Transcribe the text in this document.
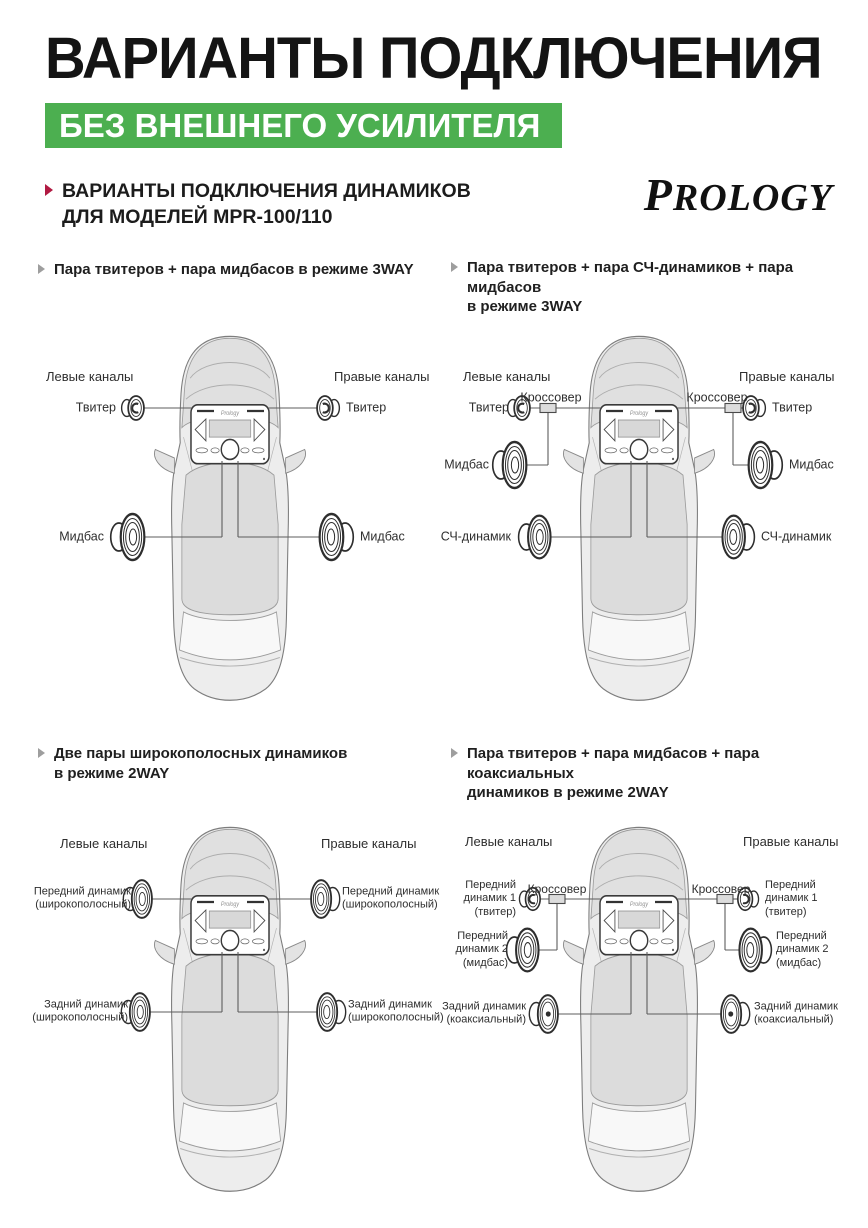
ВАРИАНТЫ ПОДКЛЮЧЕНИЯ
БЕЗ ВНЕШНЕГО УСИЛИТЕЛЯ
ВАРИАНТЫ ПОДКЛЮЧЕНИЯ ДИНАМИКОВ
ДЛЯ МОДЕЛЕЙ MPR-100/110	PROLOGY
Пара твитеров + пара мидбасов в режиме 3WAY
Левые каналы	Правые каналы
Твитер	Твитер
Мидбас	Мидбас
Пара твитеров + пара СЧ-динамиков + пара мидбасов
в режиме 3WAY
Левые каналы	Правые каналы
Твитер	Твитер
Кроссовер	Кроссовер
Мидбас	Мидбас
СЧ-динамик	СЧ-динамик
Две пары широкополосных динамиков
в режиме 2WAY
Левые каналы	Правые каналы
Передний динамик
(широкополосный)
Передний динамик
(широкополосный)
Задний динамик
(широкополосный)
Задний динамик
(широкополосный)
Пара твитеров + пара мидбасов + пара коаксиальных
динамиков в режиме 2WAY
Левые каналы	Правые каналы
Кроссовер	Кроссовер
Передний
динамик 1
(твитер)
Передний
динамик 1
(твитер)
Передний
динамик 2
(мидбас)
Передний
динамик 2
(мидбас)
Задний динамик
(коаксиальный)
Задний динамик
(коаксиальный)
